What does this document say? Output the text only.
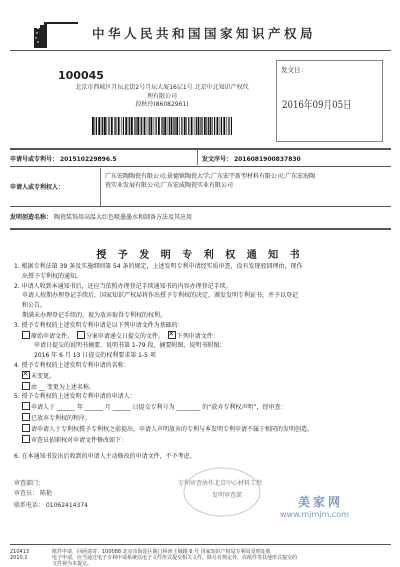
中华人民共和国国家知识产权局
100045
北京市西城区月坛北街2号月坛大厦16层1号 北京中北知识产权代
理有限公司
段秋玲(86082961)
发文日：
2016年09月05日
申请号或专利号： 201510229896.5	发文序号： 2016081900837830
申请人或专利权人：
广东宏陶陶瓷有限公司;景德镇陶瓷大学;广东宏宇新型材料有限公司;广东宏海陶
瓷实业发展有限公司;广东宏威陶瓷实业有限公司
发明创造名称： 陶瓷装饰用高温大红色喷墨墨水和制备方法及其应用
授 予 发 明 专 利 权 通 知 书
1. 根据专利法第 39 条及实施细则第 54 条的规定，上述发明专利申请经实质审查，没有发现驳回理由，现作
出授予专利权的通知。
2. 申请人收到本通知书后，还应当依照办理登记手续通知书的内容办理登记手续。
申请人按期办理登记手续后，国家知识产权局将作出授予专利权的决定，颁发发明专利证书，并予以登记
和公告。
期满未办理登记手续的，视为放弃取得专利权的权利。
3. 授予专利权的上述发明专利申请是以下列申请文件为基础的：
原始申请文件。 分案申请递交日提交的文件。  ✕ 下列申请文件：
申请日提交的说明书摘要、说明书第 1-79 段、摘要附图、说明书附图；
2016 年 6 月 13 日提交的权利要求第 1-5 项
4. 授予专利权的上述发明专利申请的名称：
✕未变更。
由 __ 变更为上述名称。
5. 授予专利权的上述发明专利申请的申请人：
申请人于 ______ 年 ______ 月 ______ 日提交专利号为 ________ 的“放弃专利权声明”，经审查：
已放弃专利权的程序。
请申请人于专利权授予专利权之前提出，申请人声明放弃的专利与本发明专利申请不属于相同的发明创造。
审查员依职权对申请文件修改如下：
6. 在本通知书发出后收到的申请人主动修改的申请文件，不予考虑。
审查部门：	专利审查协作北京中心材料工程
审查员： 陈艳	发明审查部
联系电话： 01062414374	美家网
www.mjmjm.com
210413
2010.2
纸件申请，回函请寄：100088 北京市海淀区蓟门桥西土城路 6 号 国家知识产权局专利局受理处收
电子申请，应当通过电子专利申请系统以电子文件形式提交相关文件。除另有规定外，以纸件等其他形式提交的
文件视为未提交。
